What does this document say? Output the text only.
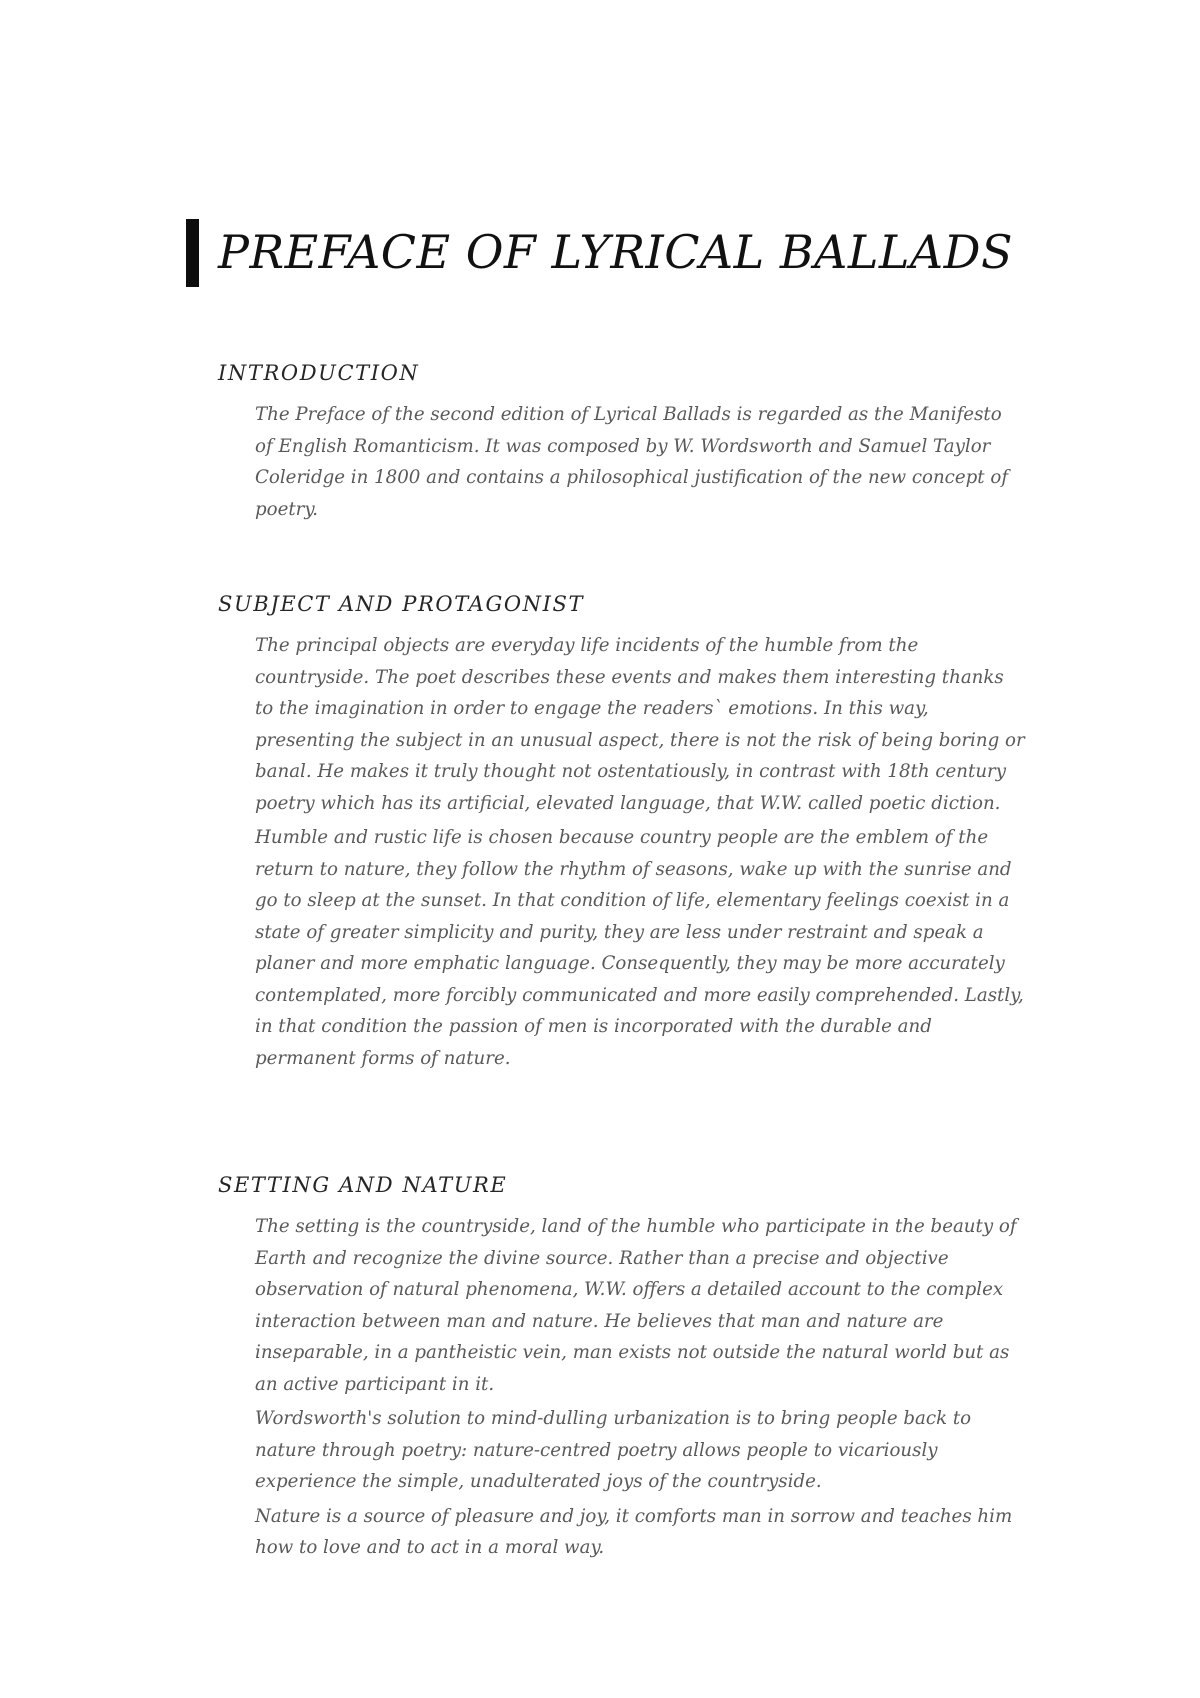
PREFACE OF LYRICAL BALLADS
INTRODUCTION

The Preface of the second edition of Lyrical Ballads is regarded as the Manifesto of English Romanticism. It was composed by W. Wordsworth and Samuel Taylor Coleridge in 1800 and contains a philosophical justification of the new concept of poetry.

SUBJECT AND PROTAGONIST

The principal objects are everyday life incidents of the humble from the countryside. The poet describes these events and makes them interesting thanks to the imagination in order to engage the readers` emotions. In this way, presenting the subject in an unusual aspect, there is not the risk of being boring or banal. He makes it truly thought not ostentatiously, in contrast with 18th century poetry which has its artificial, elevated language, that W.W. called poetic diction.

Humble and rustic life is chosen because country people are the emblem of the return to nature, they follow the rhythm of seasons, wake up with the sunrise and go to sleep at the sunset. In that condition of life, elementary feelings coexist in a state of greater simplicity and purity, they are less under restraint and speak a planer and more emphatic language. Consequently, they may be more accurately contemplated, more forcibly communicated and more easily comprehended. Lastly, in that condition the passion of men is incorporated with the durable and permanent forms of nature.

SETTING AND NATURE

The setting is the countryside, land of the humble who participate in the beauty of Earth and recognize the divine source. Rather than a precise and objective observation of natural phenomena, W.W. offers a detailed account to the complex interaction between man and nature. He believes that man and nature are inseparable, in a pantheistic vein, man exists not outside the natural world but as an active participant in it.

Wordsworth's solution to mind-dulling urbanization is to bring people back to nature through poetry: nature-centred poetry allows people to vicariously experience the simple, unadulterated joys of the countryside.

Nature is a source of pleasure and joy, it comforts man in sorrow and teaches him how to love and to act in a moral way.
